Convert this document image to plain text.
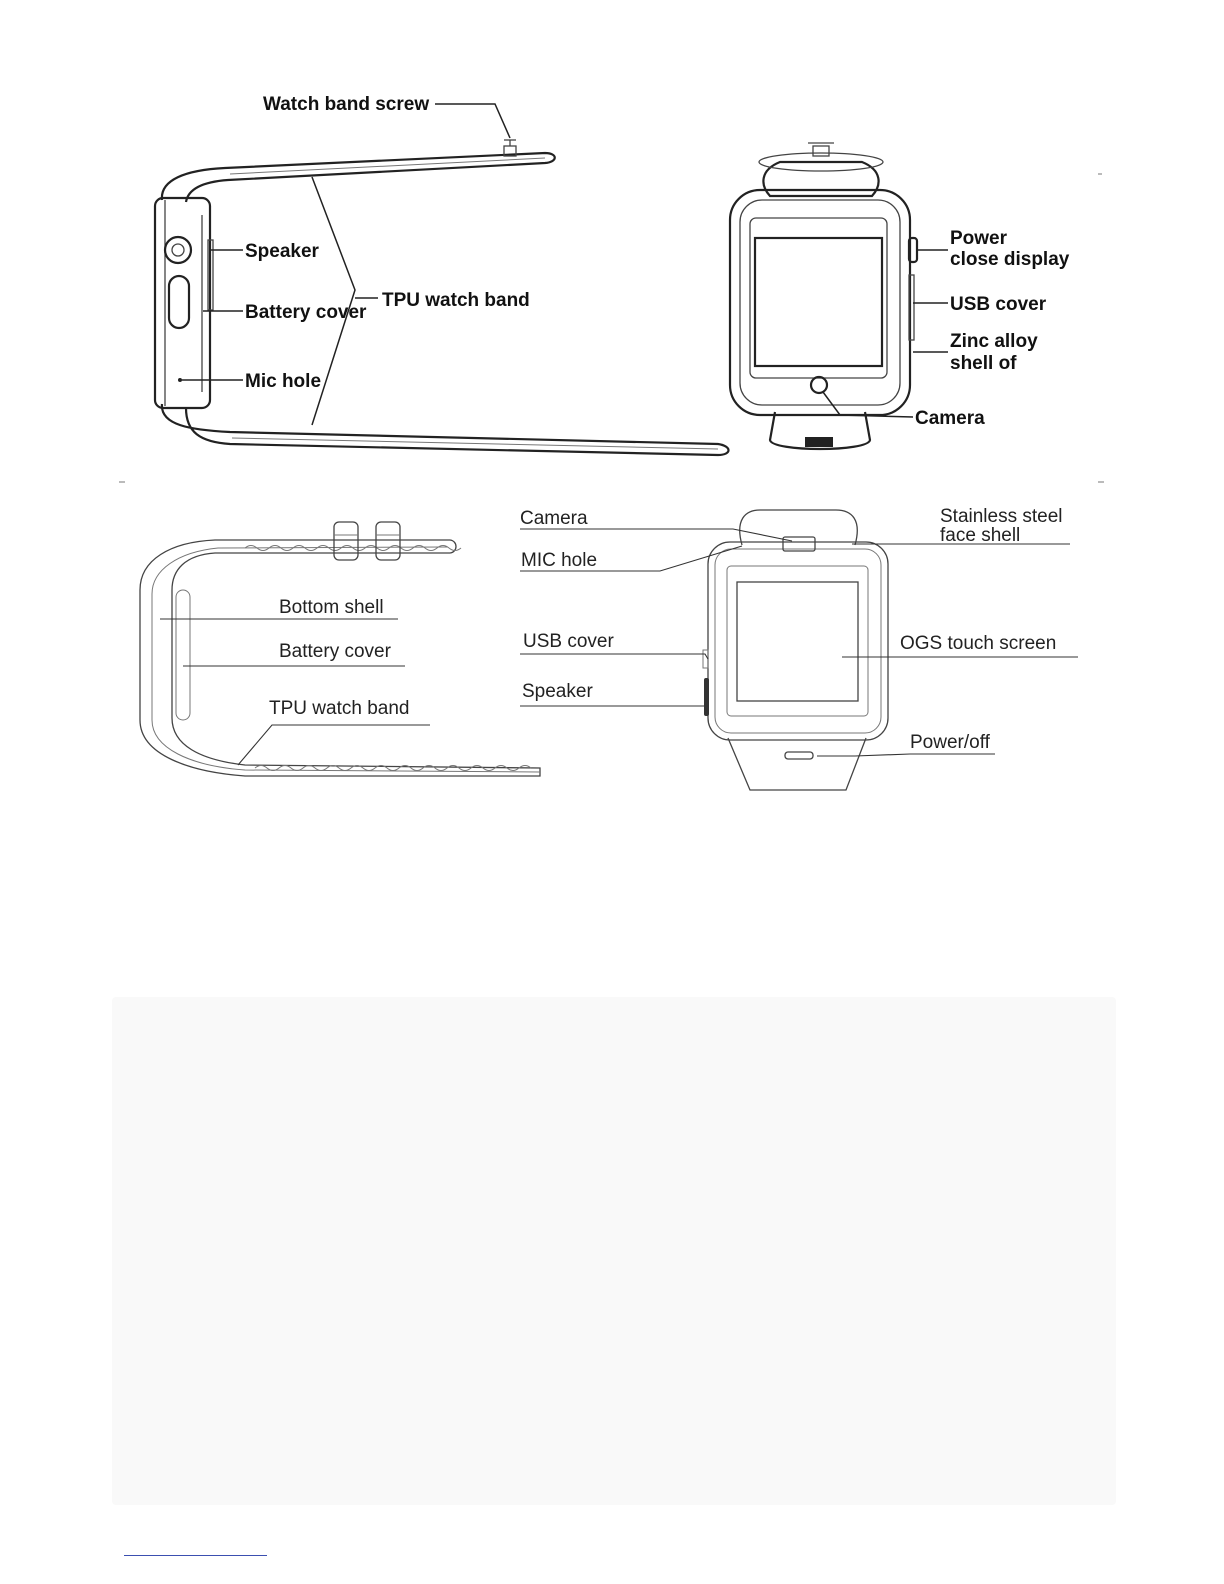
Watch band screw
Speaker
Battery cover
Mic hole
TPU watch band
Power
close display
USB cover
Zinc alloy
shell of
Camera
Bottom shell
Battery cover
TPU watch band
Camera
MIC hole
USB cover
Speaker
Stainless steel
face shell
OGS touch screen
Power/off
